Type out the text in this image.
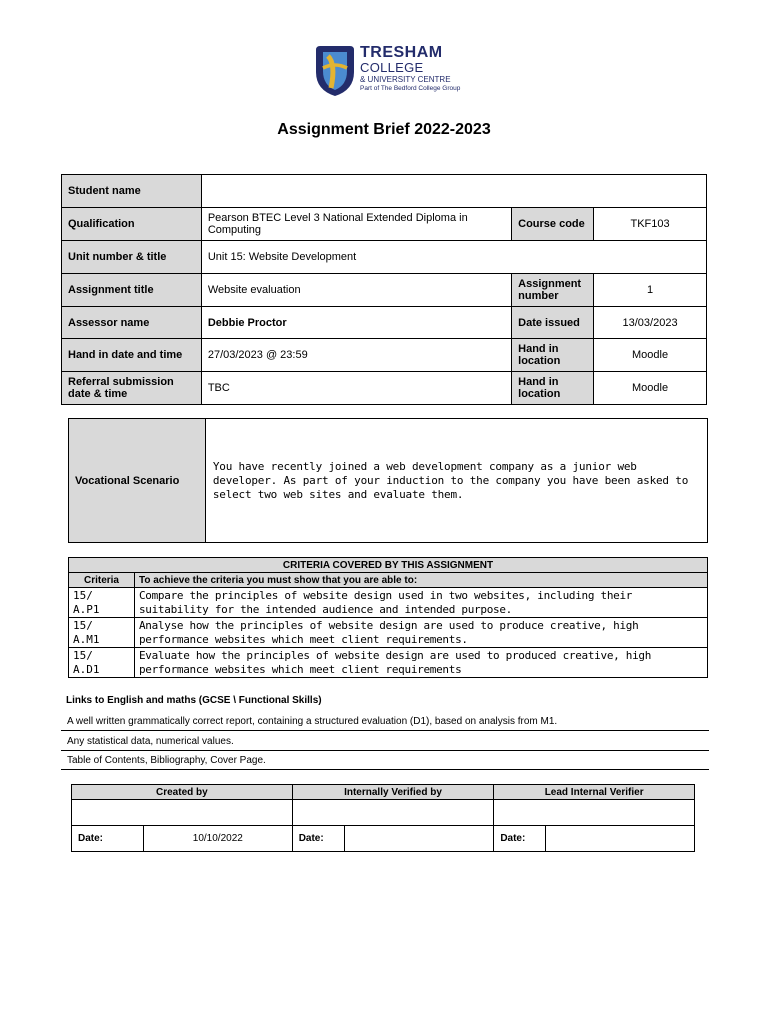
TRESHAM
COLLEGE
& UNIVERSITY CENTRE
Part of The Bedford College Group
Assignment Brief 2022-2023
Student name			
Qualification	Pearson BTEC Level 3 National Extended Diploma in Computing	Course code	TKF103
Unit number & title	Unit 15: Website Development		
Assignment title	Website evaluation	Assignment number	1
Assessor name	Debbie Proctor	Date issued	13/03/2023
Hand in date and time	27/03/2023 @ 23:59	Hand in location	Moodle
Referral submission date & time	TBC	Hand in location	Moodle
Vocational Scenario	You have recently joined a web development company as a junior web developer. As part of your induction to the company you have been asked to select two web sites and evaluate them.
CRITERIA COVERED BY THIS ASSIGNMENT	
Criteria	To achieve the criteria you must show that you are able to:

15/
A.P1	Compare the principles of website design used in two websites, including their suitability for the intended audience and intended purpose.

15/
A.M1	Analyse how the principles of website design are used to produce creative, high performance websites which meet client requirements.

15/
A.D1	Evaluate how the principles of website design are used to produced creative, high performance websites which meet client requirements
Links to English and maths (GCSE \ Functional Skills)
A well written grammatically correct report, containing a structured evaluation (D1), based on analysis from M1.
Any statistical data, numerical values.
Table of Contents, Bibliography, Cover Page.
Created by		Internally Verified by		Lead Internal Verifier	

Date:	10/10/2022	Date:		Date:	
